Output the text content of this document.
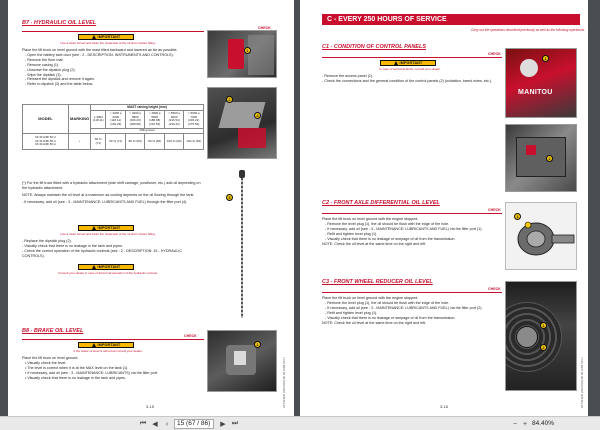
B7 - HYDRAULIC OIL LEVEL
CHECK
IMPORTANT
Use a clean funnel and clean the underside of the oil drum before filling.
Place the lift truck on level ground with the mast tilted backward and lowered as far as possible.
- Open the battery side door (see : 2 - DESCRIPTION: INSTRUMENTS AND CONTROLS).
- Remove the floor mat.
- Remove casing (1).
- Unscrew the dipstick plug (2).
- Wipe the dipstick (3).
- Reinsert the dipstick and remove it again.
- Refer to dipstick (3) and the table below.
1
2
4
MODEL	MARKING	MAST raising height (mm)					
		≤ 3000 (118.11)	> 3000 ≤ 4300 (118.11) (169.29)	> 4300 ≤ 4800 (169.29) (188.98)	> 4800 ≤ 5500 (188.98) (216.54)	> 5500 ≤ 6000 (216.54) (236.22)	> 6000 ≤ 7000 (236.22) (275.59)
		Filling level					

MI 40 H/MI 50 H
MI 40 H/MI 50 H
MI 40 H/MI 50 H	•	60 % (71)	60 % (71)	80 % (84)	80 % (84)	100 % (93)	100 % (93)
3
(*) For the lift truck fitted with a hydraulic attachment (side shift carriage, positioner, etc.) add oil depending on the hydraulic attachment.
NOTE: Always maintain the oil level at a maximum as cooling depends on the oil flowing through the tank.
- If necessary, add oil (see : 3 - MAINTENANCE: LUBRICANTS AND FUEL) through the filler port (4).
IMPORTANT
Use a clean funnel and clean the underside of the oil drum before filling.
- Replace the dipstick plug (2).
- Visually check that there is no leakage in the tank and pipes.
- Check the correct operation of the hydraulic controls (see : 2 - DESCRIPTION: 15 - HYDRAULIC CONTROLS).
IMPORTANT
Consult your dealer in case of abnormal operation of the hydraulic controls.
B8 - BRAKE OIL LEVEL
CHECK
IMPORTANT
If the brake oil level is abnormal consult your dealer.
Place the lift truck on level ground.
• Visually check the level.
• The level is correct when it is at the MAX level on the tank (1).
• If necessary, add oil (see : 3 - MAINTENANCE: LUBRICANTS) via the filler port.
• Visually check that there is no leakage in the tank and pipes.
1
3-15	647434EN (04/2019) MI 40 H/MI 50 H
C - EVERY 250 HOURS OF SERVICE
Carry out the operations described previously as well as the following operations.
C1 - CONDITION OF CONTROL PANELS
CHECK
IMPORTANT
In case of technical faults, consult your dealer.
- Remove the access panel (1).
- Check the connections and the general condition of the control panels (2) (oxidation, bared wires, etc.).
MANITOU
1
2
C2 - FRONT AXLE DIFFERENTIAL OIL LEVEL
CHECK
Place the lift truck on level ground with the engine stopped.
- Remove the level plug (1), the oil should be flush with the edge of the hole.
- If necessary, add oil (see : 3 - MAINTENANCE: LUBRICANTS AND FUEL) via the filler port (1).
- Refit and tighten level plug (1).
- Visually check that there is no leakage or seepage of oil from the transmission.
NOTE: Check the oil level at the same time on the right and left.
1
C3 - FRONT WHEEL REDUCER OIL LEVEL
CHECK
Place the lift truck on level ground with the engine stopped.
- Remove the level plug (1), the oil should be flush with the edge of the hole.
- If necessary, add oil (see : 3 - MAINTENANCE: LUBRICANTS AND FUEL) via the filler port (2).
- Refit and tighten level plug (1).
- Visually check that there is no leakage or seepage of oil from the transmission.
NOTE: Check the oil level at the same time on the right and left.
1
2
3-16	647434EN (04/2019) MI 40 H/MI 50 H
⏮ ◀	‹	15 (67 / 86)	▶ ⏭	− + 84.40%
